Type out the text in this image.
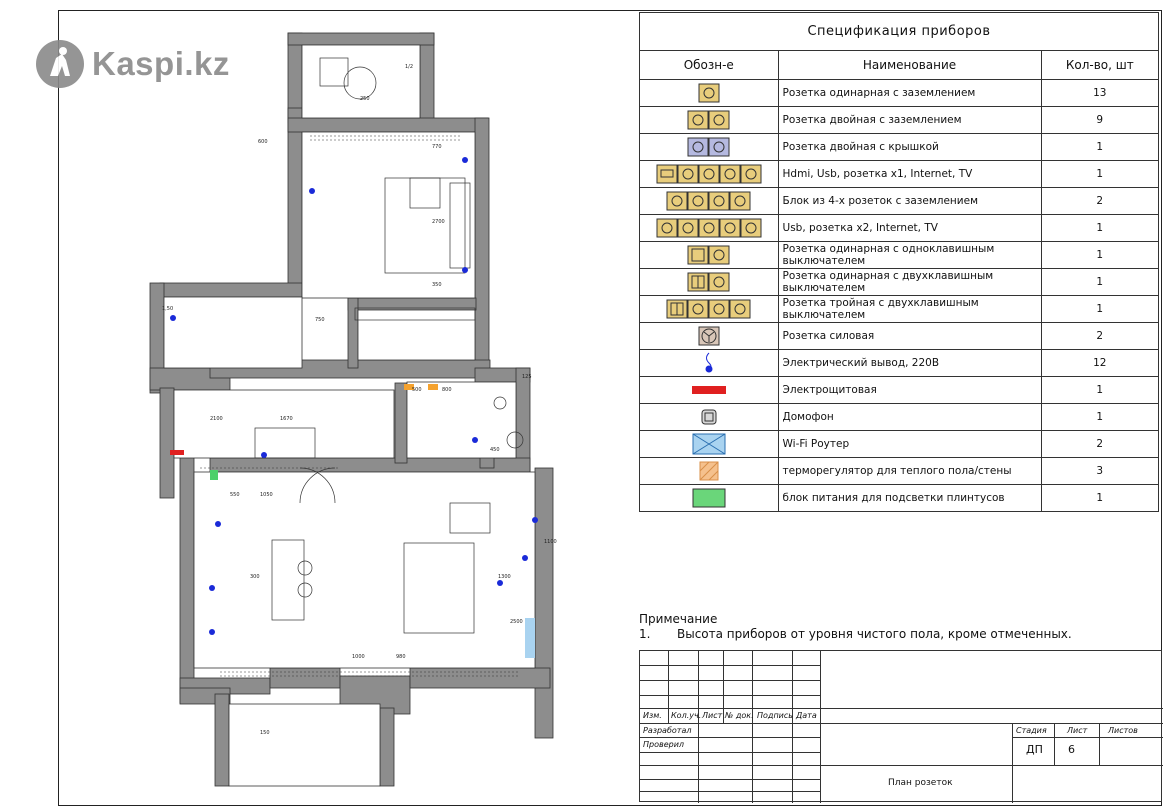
Kaspi.kz	1/2
250
770
2700
350
750
1,50
2100	1670
500	800
450
550	1050
1000	980
150
1100
2500
125
300
600
1300
Спецификация приборов		
Обозн-е	Наименование	Кол-во, шт
	Розетка одинарная с заземлением	13
	Розетка двойная с заземлением	9
	Розетка двойная с крышкой	1
	Hdmi, Usb, розетка x1, Internet, TV	1
	Блок из 4-х розеток с заземлением	2
	Usb, розетка x2, Internet, TV	1
	Розетка одинарная с одноклавишным выключателем	1
	Розетка одинарная с двухклавишным выключателем	1
	Розетка тройная с двухклавишным выключателем	1
	Розетка силовая	2
	Электрический вывод, 220В	12
	Электрощитовая	1
	Домофон	1
	Wi-Fi Роутер	2
	терморегулятор для теплого пола/стены	3
	блок питания для подсветки плинтусов	1
Примечание
1. Высота приборов от уровня чистого пола, кроме отмеченных.
Изм. Кол.уч. Лист № док. Подпись Дата
Разработал
Проверил
Стадия	Лист	Листов
ДП 6
План розеток
